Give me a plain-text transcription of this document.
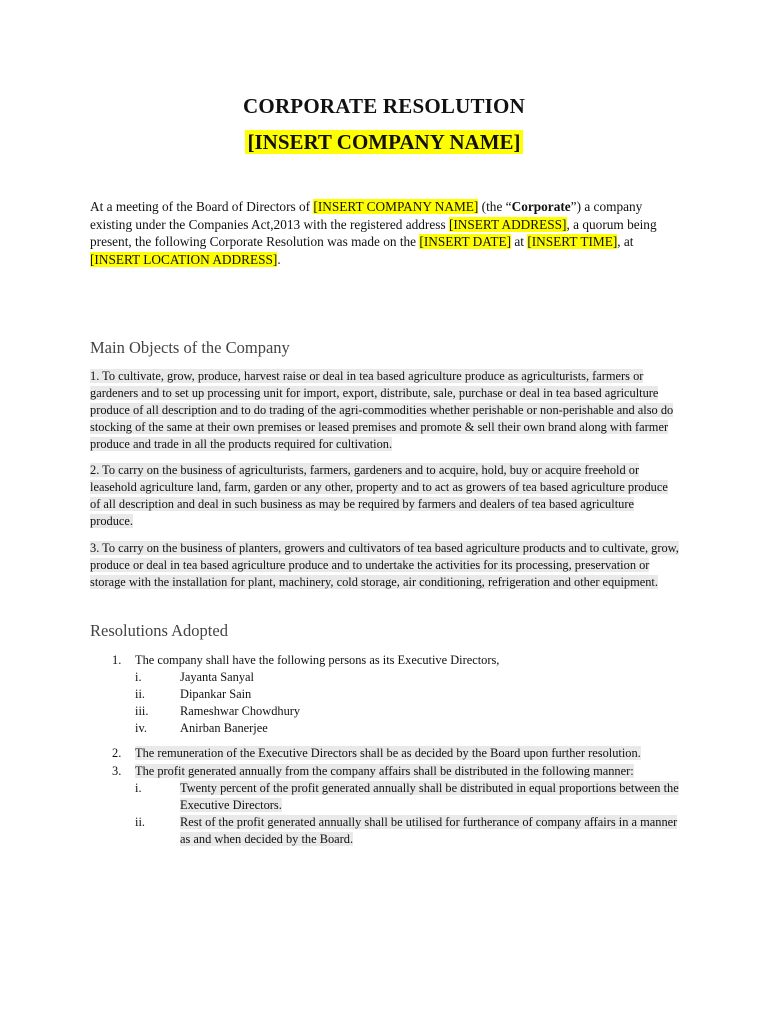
CORPORATE RESOLUTION
[INSERT COMPANY NAME]
At a meeting of the Board of Directors of [INSERT COMPANY NAME] (the “Corporate”) a company existing under the Companies Act,2013 with the registered address [INSERT ADDRESS], a quorum being present, the following Corporate Resolution was made on the [INSERT DATE] at [INSERT TIME], at [INSERT LOCATION ADDRESS].
Main Objects of the Company
1. To cultivate, grow, produce, harvest raise or deal in tea based agriculture produce as agriculturists, farmers or gardeners and to set up processing unit for import, export, distribute, sale, purchase or deal in tea based agriculture produce of all description and to do trading of the agri-commodities whether perishable or non-perishable and also do stocking of the same at their own premises or leased premises and promote & sell their own brand along with farmer produce and trade in all the products required for cultivation.
2. To carry on the business of agriculturists, farmers, gardeners and to acquire, hold, buy or acquire freehold or leasehold agriculture land, farm, garden or any other, property and to act as growers of tea based agriculture produce of all description and deal in such business as may be required by farmers and dealers of tea based agriculture produce.
3. To carry on the business of planters, growers and cultivators of tea based agriculture products and to cultivate, grow, produce or deal in tea based agriculture produce and to undertake the activities for its processing, preservation or storage with the installation for plant, machinery, cold storage, air conditioning, refrigeration and other equipment.
Resolutions Adopted
1. The company shall have the following persons as its Executive Directors,
i.	Jayanta Sanyal
ii.	Dipankar Sain
iii.	Rameshwar Chowdhury
iv.	Anirban Banerjee
2. The remuneration of the Executive Directors shall be as decided by the Board upon further resolution.
3. The profit generated annually from the company affairs shall be distributed in the following manner:
i.	Twenty percent of the profit generated annually shall be distributed in equal proportions between the Executive Directors.
ii.	Rest of the profit generated annually shall be utilised for furtherance of company affairs in a manner as and when decided by the Board.
